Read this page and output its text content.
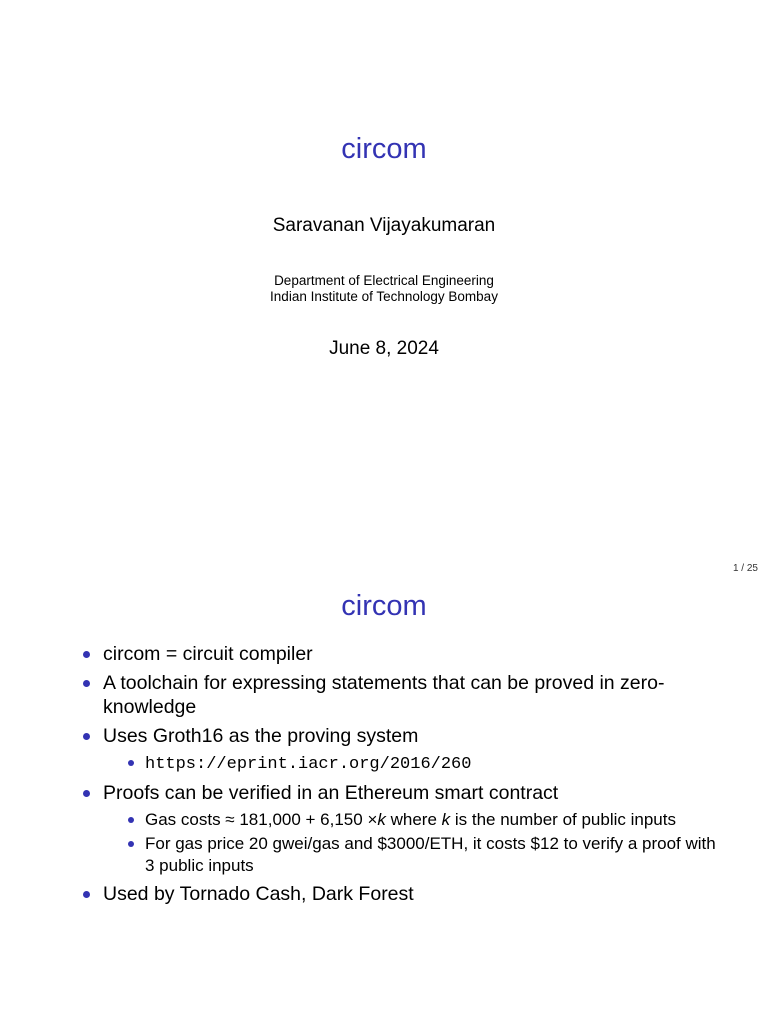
circom
Saravanan Vijayakumaran
Department of Electrical Engineering
Indian Institute of Technology Bombay
June 8, 2024
1 / 25
circom
circom = circuit compiler
A toolchain for expressing statements that can be proved in zero-knowledge
Uses Groth16 as the proving system
https://eprint.iacr.org/2016/260
Proofs can be verified in an Ethereum smart contract
Gas costs ≈ 181,000 + 6,150 ×k where k is the number of public inputs
For gas price 20 gwei/gas and $3000/ETH, it costs $12 to verify a proof with 3 public inputs
Used by Tornado Cash, Dark Forest
